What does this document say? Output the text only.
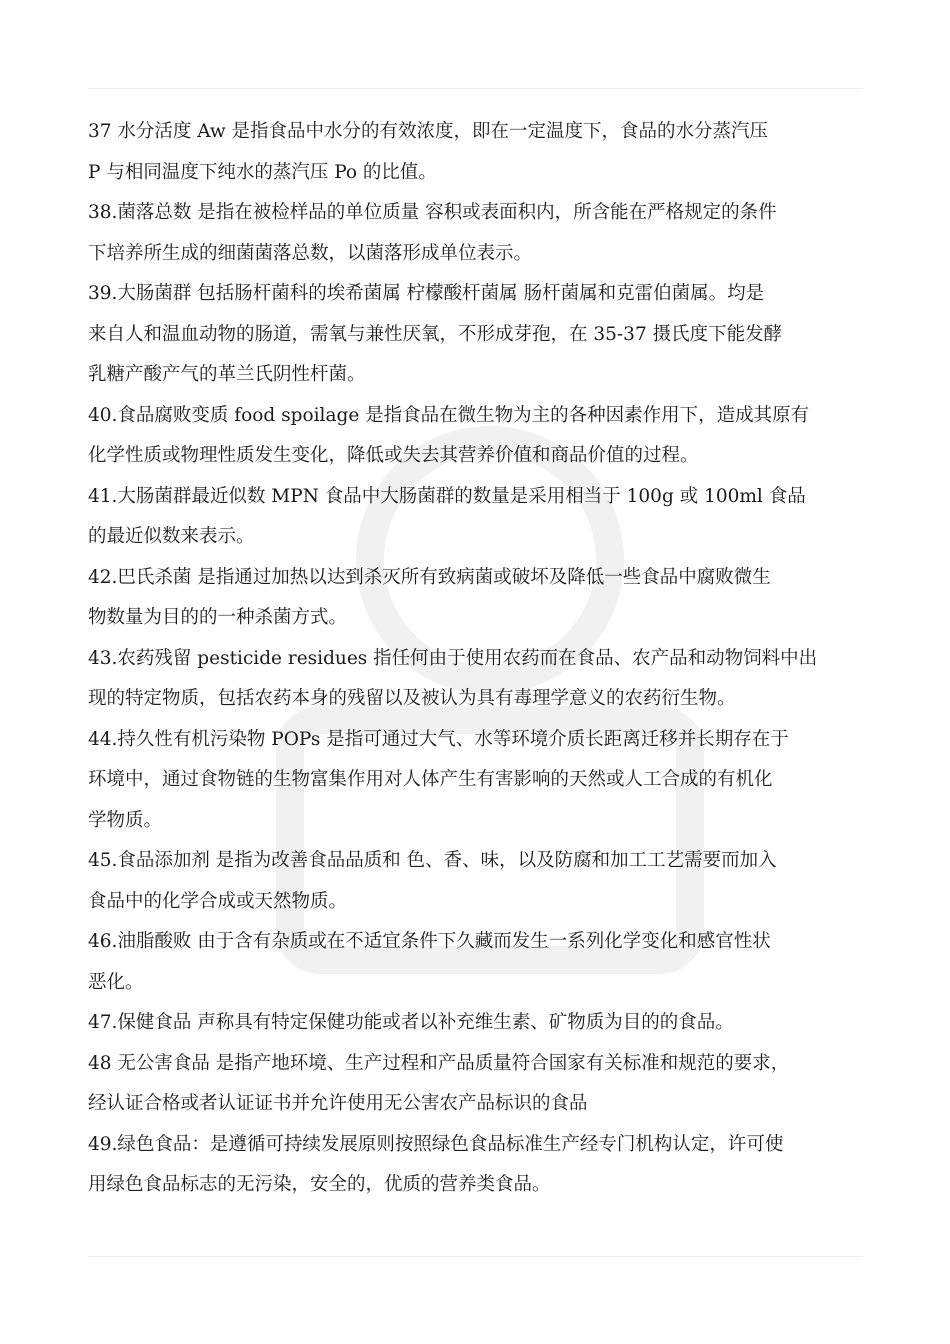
37 水分活度 Aw 是指食品中水分的有效浓度，即在一定温度下，食品的水分蒸汽压
P 与相同温度下纯水的蒸汽压 Po 的比值。
38.菌落总数 是指在被检样品的单位质量 容积或表面积内，所含能在严格规定的条件
下培养所生成的细菌菌落总数，以菌落形成单位表示。
39.大肠菌群 包括肠杆菌科的埃希菌属 柠檬酸杆菌属 肠杆菌属和克雷伯菌属。均是
来自人和温血动物的肠道，需氧与兼性厌氧，不形成芽孢，在 35-37 摄氏度下能发酵
乳糖产酸产气的革兰氏阴性杆菌。
40.食品腐败变质 food spoilage 是指食品在微生物为主的各种因素作用下，造成其原有
化学性质或物理性质发生变化，降低或失去其营养价值和商品价值的过程。
41.大肠菌群最近似数 MPN 食品中大肠菌群的数量是采用相当于 100g 或 100ml 食品
的最近似数来表示。
42.巴氏杀菌 是指通过加热以达到杀灭所有致病菌或破坏及降低一些食品中腐败微生
物数量为目的的一种杀菌方式。
43.农药残留 pesticide residues 指任何由于使用农药而在食品、农产品和动物饲料中出
现的特定物质，包括农药本身的残留以及被认为具有毒理学意义的农药衍生物。
44.持久性有机污染物 POPs 是指可通过大气、水等环境介质长距离迁移并长期存在于
环境中，通过食物链的生物富集作用对人体产生有害影响的天然或人工合成的有机化
学物质。
45.食品添加剂 是指为改善食品品质和 色、香、味，以及防腐和加工工艺需要而加入
食品中的化学合成或天然物质。
46.油脂酸败 由于含有杂质或在不适宜条件下久藏而发生一系列化学变化和感官性状
恶化。
47.保健食品 声称具有特定保健功能或者以补充维生素、矿物质为目的的食品。
48 无公害食品 是指产地环境、生产过程和产品质量符合国家有关标准和规范的要求，
经认证合格或者认证证书并允许使用无公害农产品标识的食品
49.绿色食品：是遵循可持续发展原则按照绿色食品标准生产经专门机构认定，许可使
用绿色食品标志的无污染，安全的，优质的营养类食品。
